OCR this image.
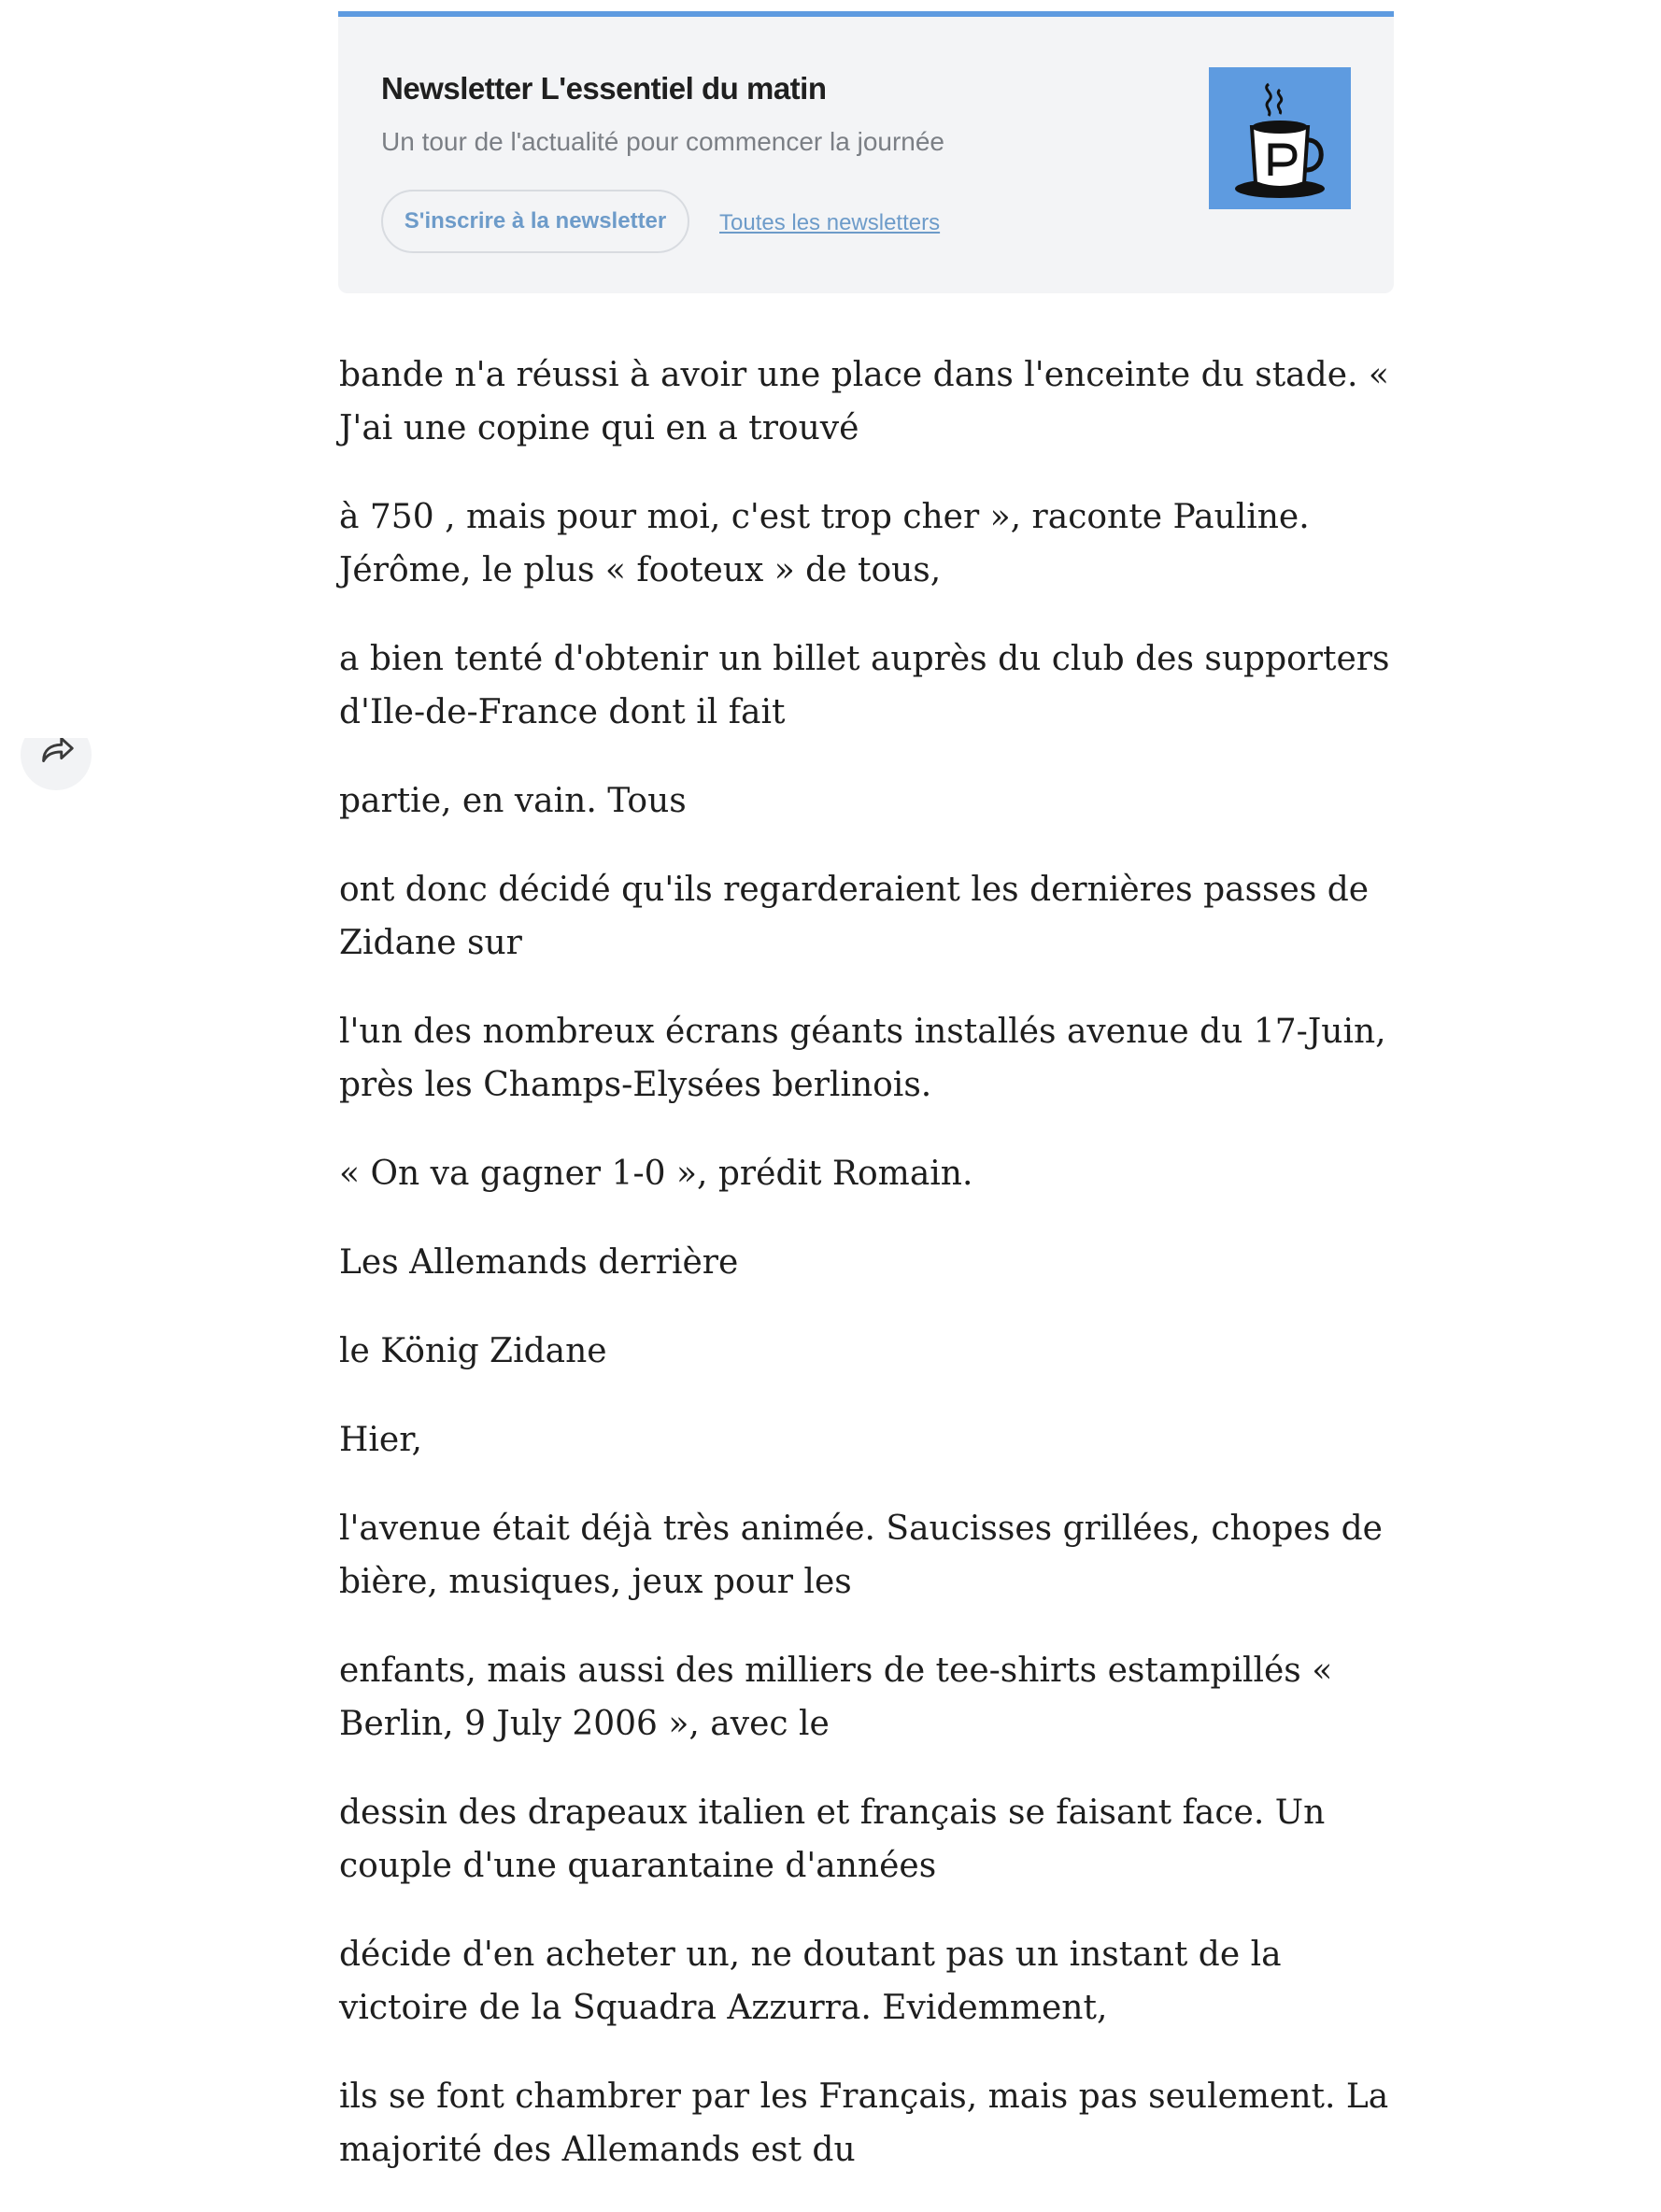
Newsletter L'essentiel du matin
Un tour de l'actualité pour commencer la journée
S'inscrire à la newsletter	Toutes les newsletters

bande n'a réussi à avoir une place dans l'enceinte du stade. « J'ai une copine qui en a trouvé

à 750 , mais pour moi, c'est trop cher », raconte Pauline. Jérôme, le plus « footeux » de tous,

a bien tenté d'obtenir un billet auprès du club des supporters d'Ile-de-France dont il fait

partie, en vain. Tous

ont donc décidé qu'ils regarderaient les dernières passes de Zidane sur

l'un des nombreux écrans géants installés avenue du 17-Juin, près les Champs-Elysées berlinois.

« On va gagner 1-0 », prédit Romain.

Les Allemands derrière

le König Zidane

Hier,

l'avenue était déjà très animée. Saucisses grillées, chopes de bière, musiques, jeux pour les

enfants, mais aussi des milliers de tee-shirts estampillés « Berlin, 9 July 2006 », avec le

dessin des drapeaux italien et français se faisant face. Un couple d'une quarantaine d'années

décide d'en acheter un, ne doutant pas un instant de la victoire de la Squadra Azzurra. Evidemment,

ils se font chambrer par les Français, mais pas seulement. La majorité des Allemands est du
